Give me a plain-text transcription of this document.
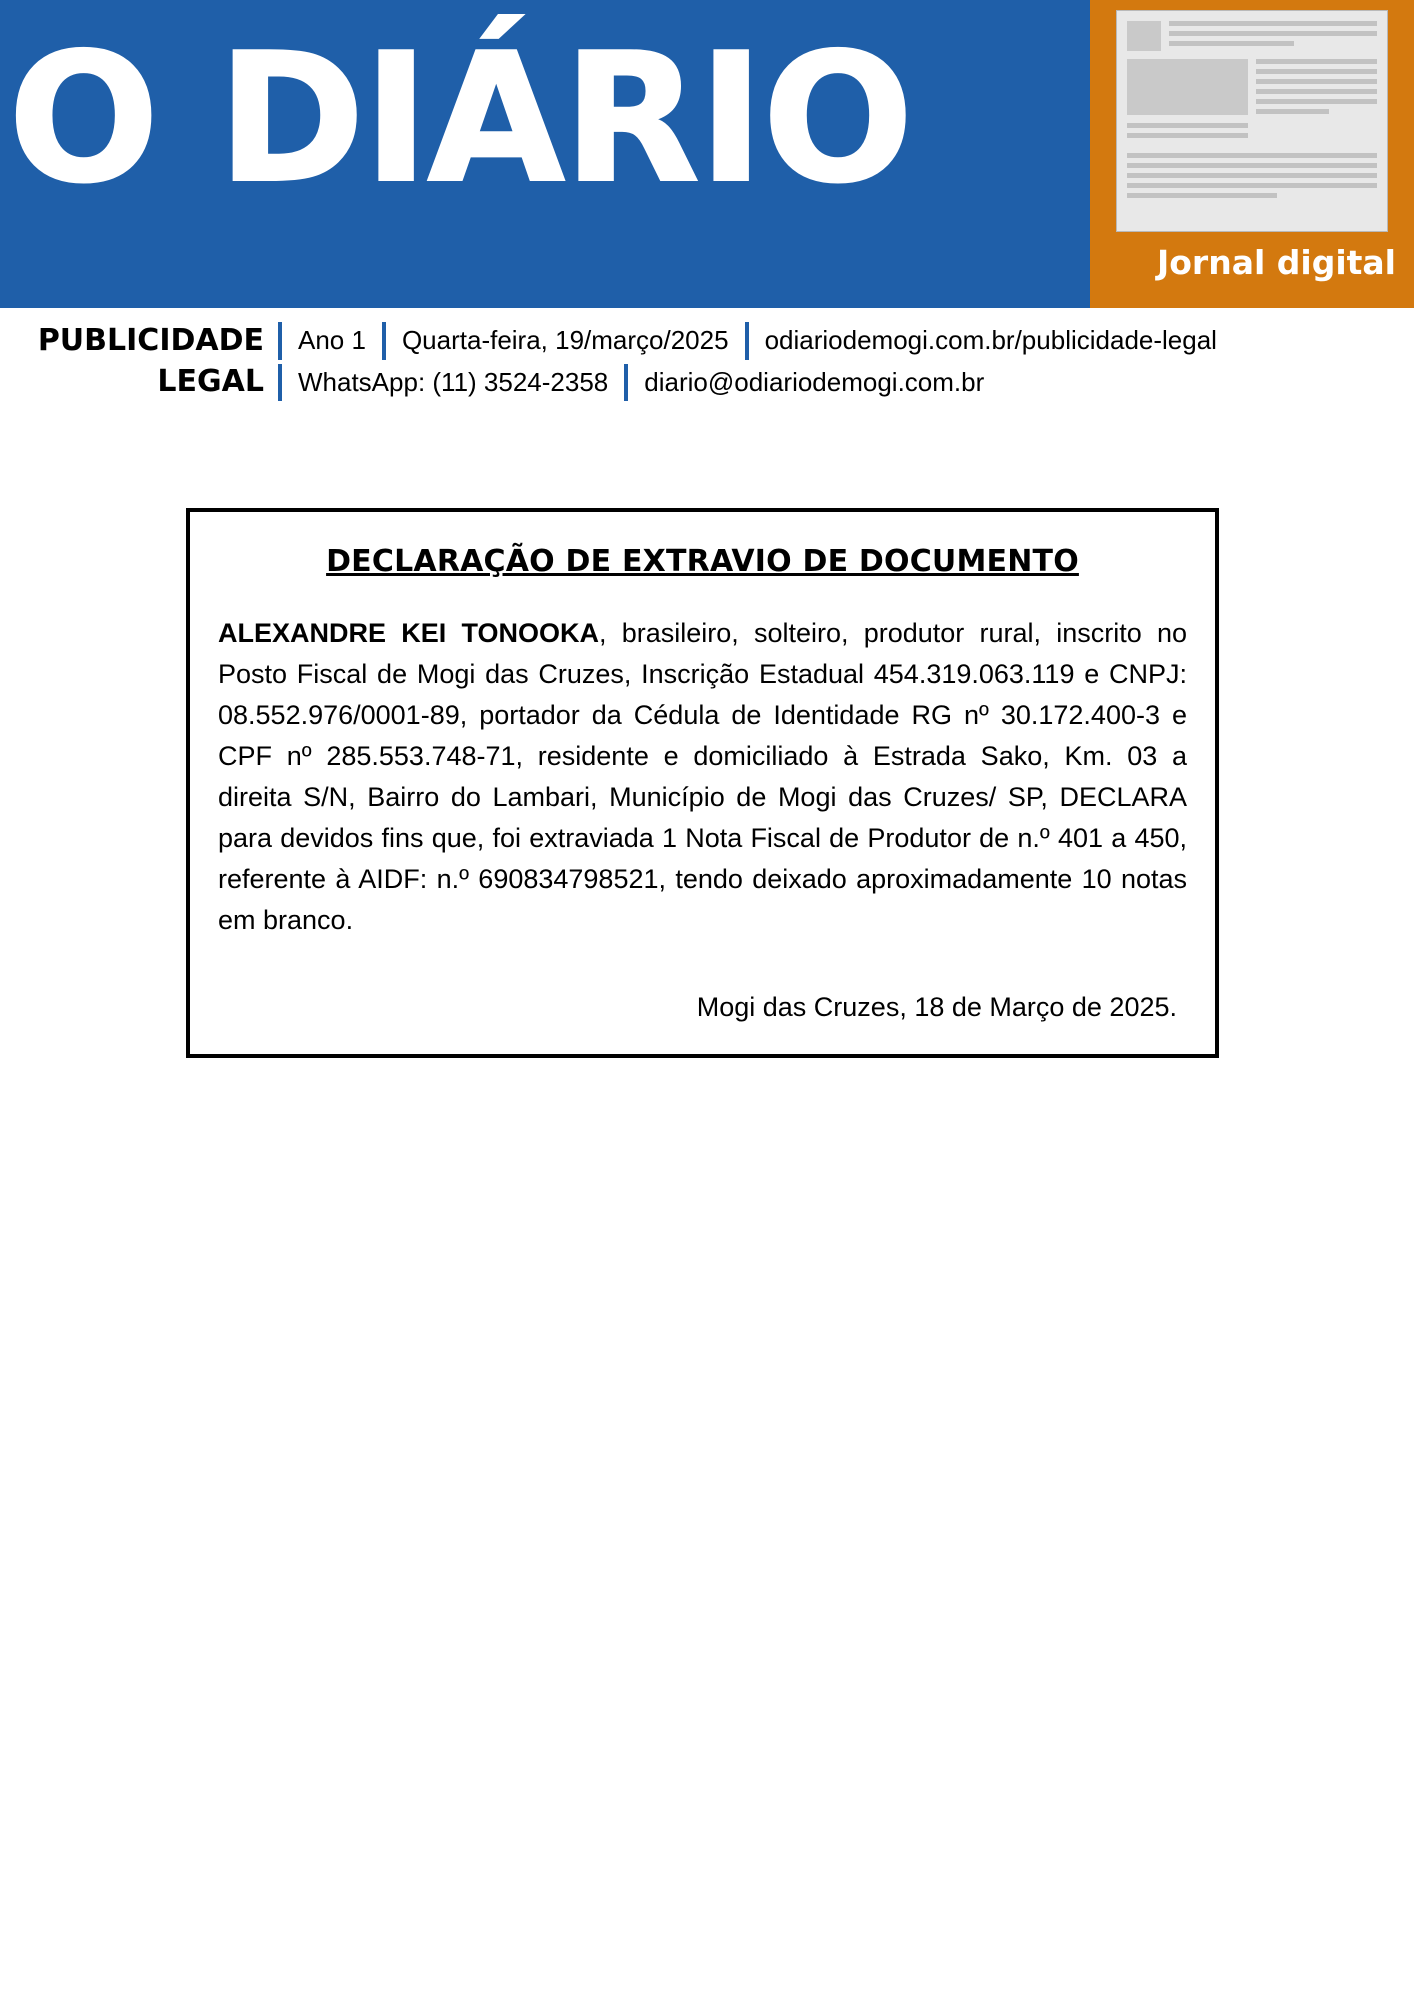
O DIÁRIO
Jornal digital
PUBLICIDADE
LEGAL
Ano 1 Quarta-feira, 19/março/2025 odiariodemogi.com.br/publicidade-legal
WhatsApp: (11) 3524-2358 diario@odiariodemogi.com.br
DECLARAÇÃO DE EXTRAVIO DE DOCUMENTO
ALEXANDRE KEI TONOOKA, brasileiro, solteiro, produtor rural, inscrito no Posto Fiscal de Mogi das Cruzes, Inscrição Estadual 454.319.063.119 e CNPJ: 08.552.976/0001-89, portador da Cédula de Identidade RG nº 30.172.400-3 e CPF nº 285.553.748-71, residente e domiciliado à Estrada Sako, Km. 03 a direita S/N, Bairro do Lambari, Município de Mogi das Cruzes/ SP, DECLARA para devidos fins que, foi extraviada 1 Nota Fiscal de Produtor de n.º 401 a 450, referente à AIDF: n.º 690834798521, tendo deixado aproximadamente 10 notas em branco.
Mogi das Cruzes, 18 de Março de 2025.
